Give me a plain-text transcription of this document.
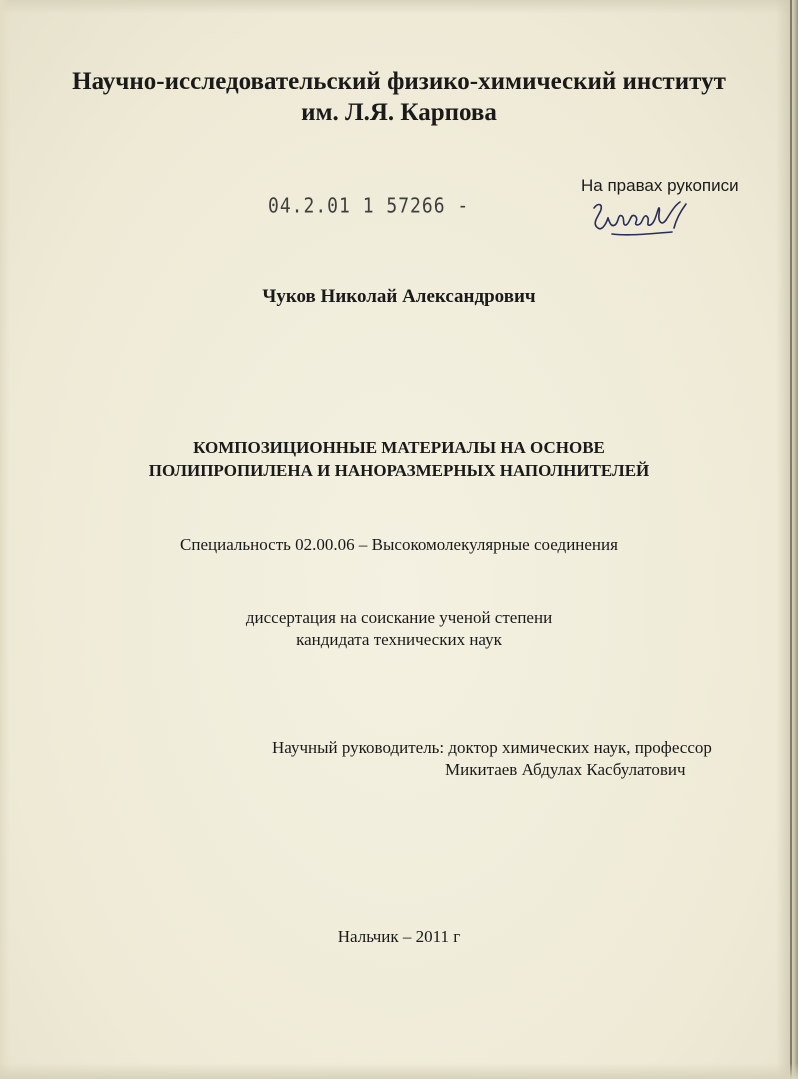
Научно-исследовательский физико-химический институт
им. Л.Я. Карпова
04.2.01 1 57266 -
На правах рукописи
Чуков Николай Александрович
КОМПОЗИЦИОННЫЕ МАТЕРИАЛЫ НА ОСНОВЕ
ПОЛИПРОПИЛЕНА И НАНОРАЗМЕРНЫХ НАПОЛНИТЕЛЕЙ
Специальность 02.00.06 – Высокомолекулярные соединения
диссертация на соискание ученой степени
кандидата технических наук
Научный руководитель: доктор химических наук, профессор
Микитаев Абдулах Касбулатович
Нальчик – 2011 г
